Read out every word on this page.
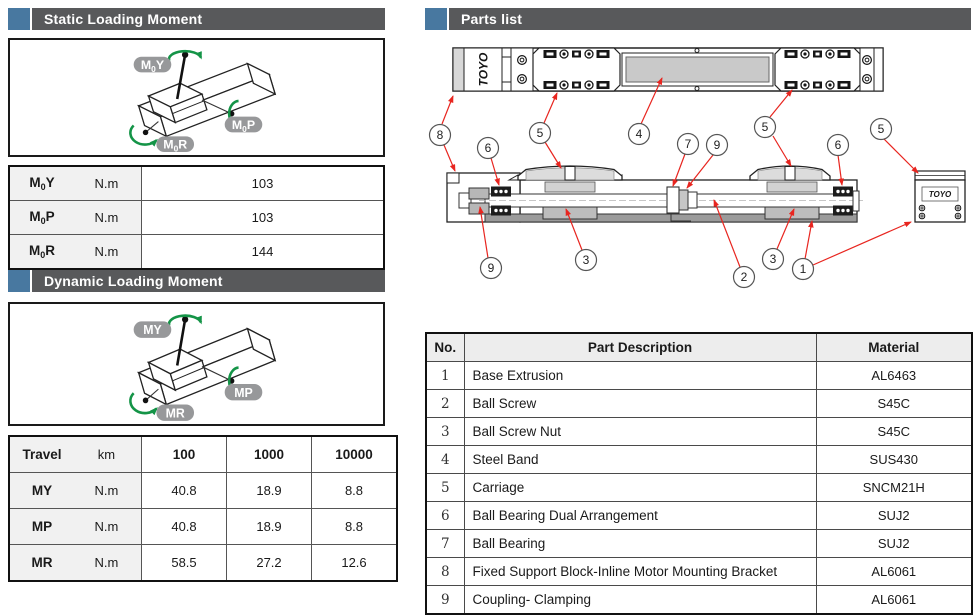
Static Loading Moment
$M_0Y$
$M_0P$
$M_0R$
$M_0Y$ N.m	103

$M_0P$ N.m	103

$M_0R$ N.m	144
Dynamic Loading Moment
MY
MP
MR
Travel km	100	1000	10000

MY N.m	40.8	18.9	8.8

MP N.m	40.8	18.9	8.8

MR N.m	58.5	27.2	12.6
Parts list
TOYO
TOYO
8
6
5	4
7 9
5
6
5
9
3
2
3
1
No.	Part Description	Material
1	Base Extrusion	AL6463
2	Ball Screw	S45C
3	Ball Screw Nut	S45C
4	Steel Band	SUS430
5	Carriage	SNCM21H
6	Ball Bearing Dual Arrangement	SUJ2
7	Ball Bearing	SUJ2
8	Fixed Support Block-Inline Motor Mounting Bracket	AL6061
9	Coupling- Clamping	AL6061
